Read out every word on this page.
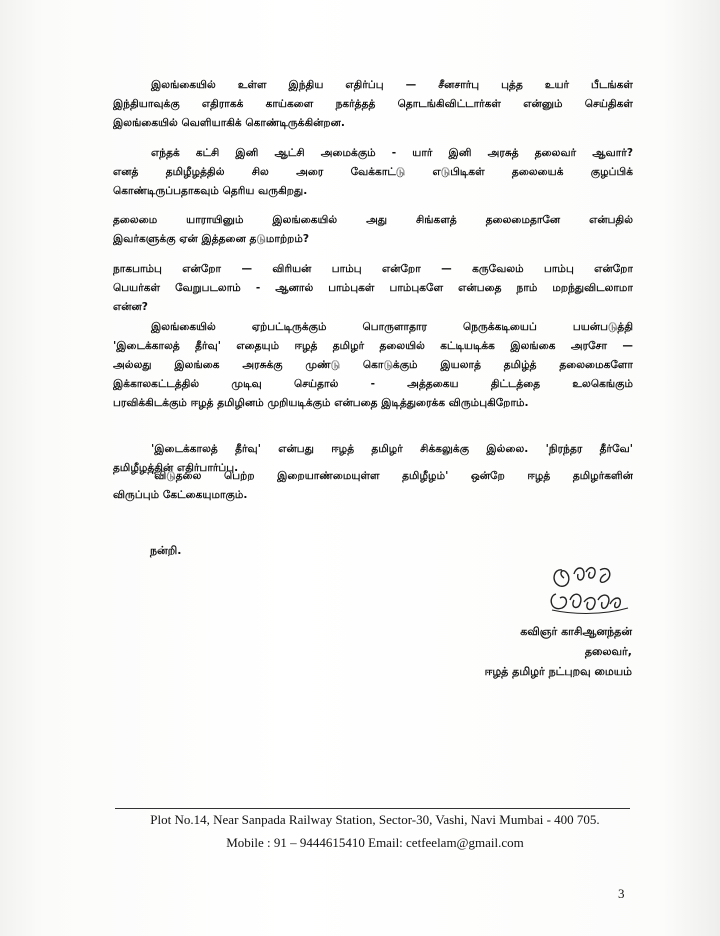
இலங்கையில் உள்ள இந்திய எதிர்ப்பு — சீனசார்பு புத்த உயர் பீடங்கள்
இந்தியாவுக்கு எதிராகக் காய்களை நகர்த்தத் தொடங்கிவிட்டார்கள் என்னும் செய்திகள்
இலங்கையில் வெளியாகிக் கொண்டிருக்கின்றன.
எந்தக் கட்சி இனி ஆட்சி அமைக்கும் - யார் இனி அரசுத் தலைவர் ஆவார்?
எனத் தமிழீழத்தில் சில அரை வேக்காட்டு எடுபிடிகள் தலையைக் குழப்பிக்
கொண்டிருப்பதாகவும் தெரிய வருகிறது.
தலைமை யாராயினும் இலங்கையில் அது சிங்களத் தலைமைதானே என்பதில்
இவர்களுக்கு ஏன் இத்தனை தடுமாற்றம்?
நாகபாம்பு என்றோ — விரியன் பாம்பு என்றோ — கருவேலம் பாம்பு என்றோ
பெயர்கள் வேறுபடலாம் - ஆனால் பாம்புகள் பாம்புகளே என்பதை நாம் மறந்துவிடலாமா
என்ன?
இலங்கையில் ஏற்பட்டிருக்கும் பொருளாதார நெருக்கடியைப் பயன்படுத்தி
'இடைக்காலத் தீர்வு' எதையும் ஈழத் தமிழர் தலையில் கட்டியடிக்க இலங்கை அரசோ —
அல்லது இலங்கை அரசுக்கு முண்டு கொடுக்கும் இயலாத் தமிழ்த் தலைமைகளோ
இக்காலகட்டத்தில் முடிவு செய்தால் - அத்தகைய திட்டத்தை உலகெங்கும்
பரவிக்கிடக்கும் ஈழத் தமிழினம் முறியடிக்கும் என்பதை இடித்துரைக்க விரும்புகிறோம்.
'இடைக்காலத் தீர்வு' என்பது ஈழத் தமிழர் சிக்கலுக்கு இல்லை. 'நிரந்தர தீர்வே'
தமிழீழத்தின் எதிர்பார்ப்பு.
'விடுதலை பெற்ற இறையாண்மையுள்ள தமிழீழம்' ஒன்றே ஈழத் தமிழர்களின்
விருப்பும் கேட்கையுமாகும்.
நன்றி.
கவிஞர் காசிஆனந்தன்
தலைவர்,
ஈழத் தமிழர் நட்புறவு மையம்
Plot No.14, Near Sanpada Railway Station, Sector-30, Vashi, Navi Mumbai - 400 705.
Mobile : 91 – 9444615410 Email: cetfeelam@gmail.com
3
